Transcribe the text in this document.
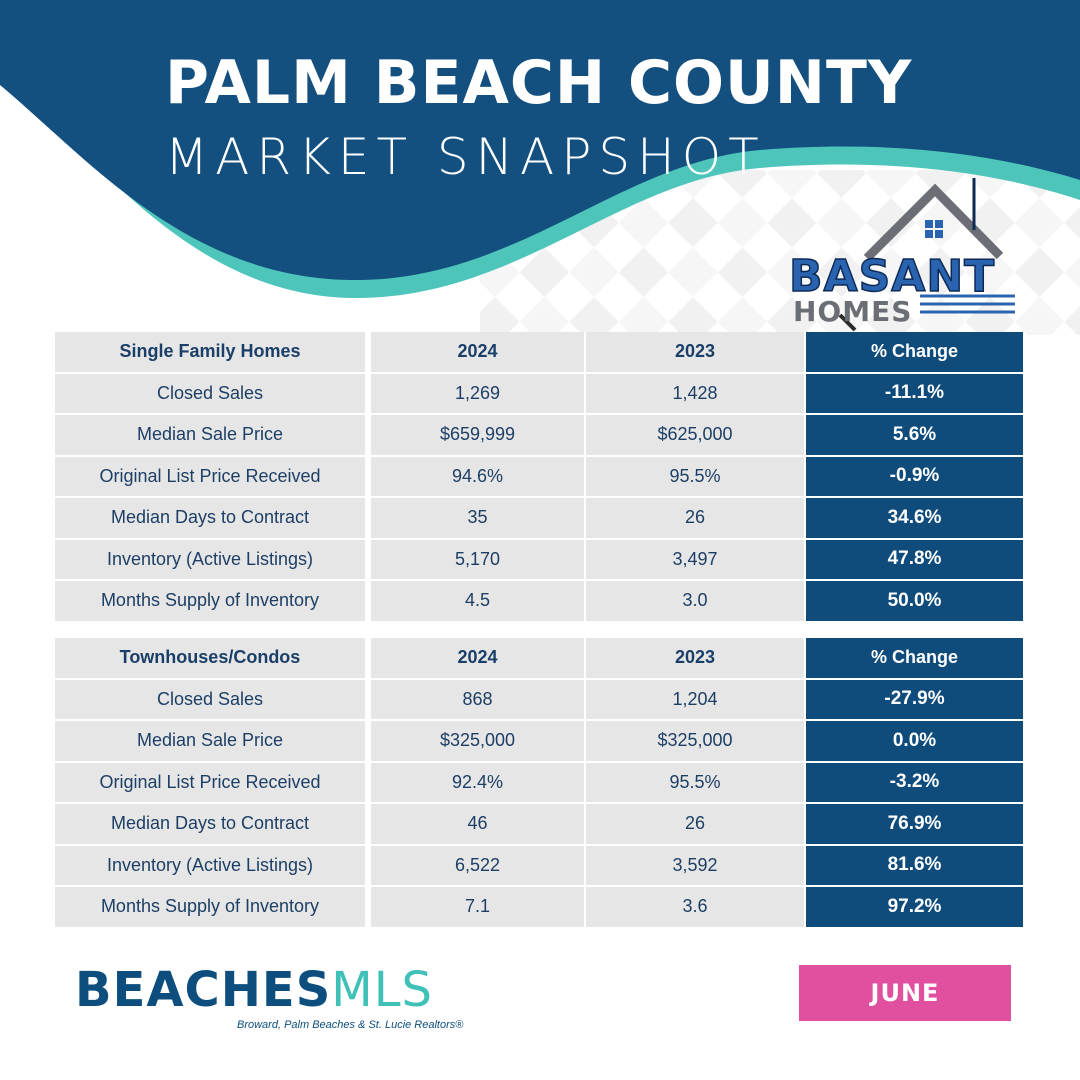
PALM BEACH COUNTY
MARKET SNAPSHOT
BASANT
HOMES
Single Family Homes	2024	2023	% Change
Closed Sales	1,269	1,428	-11.1%
Median Sale Price	$659,999	$625,000	5.6%
Original List Price Received	94.6%	95.5%	-0.9%
Median Days to Contract	35	26	34.6%
Inventory (Active Listings)	5,170	3,497	47.8%
Months Supply of Inventory	4.5	3.0	50.0%
Townhouses/Condos	2024	2023	% Change
Closed Sales	868	1,204	-27.9%
Median Sale Price	$325,000	$325,000	0.0%
Original List Price Received	92.4%	95.5%	-3.2%
Median Days to Contract	46	26	76.9%
Inventory (Active Listings)	6,522	3,592	81.6%
Months Supply of Inventory	7.1	3.6	97.2%
BEACHESMLS
Broward, Palm Beaches & St. Lucie Realtors®
JUNE
